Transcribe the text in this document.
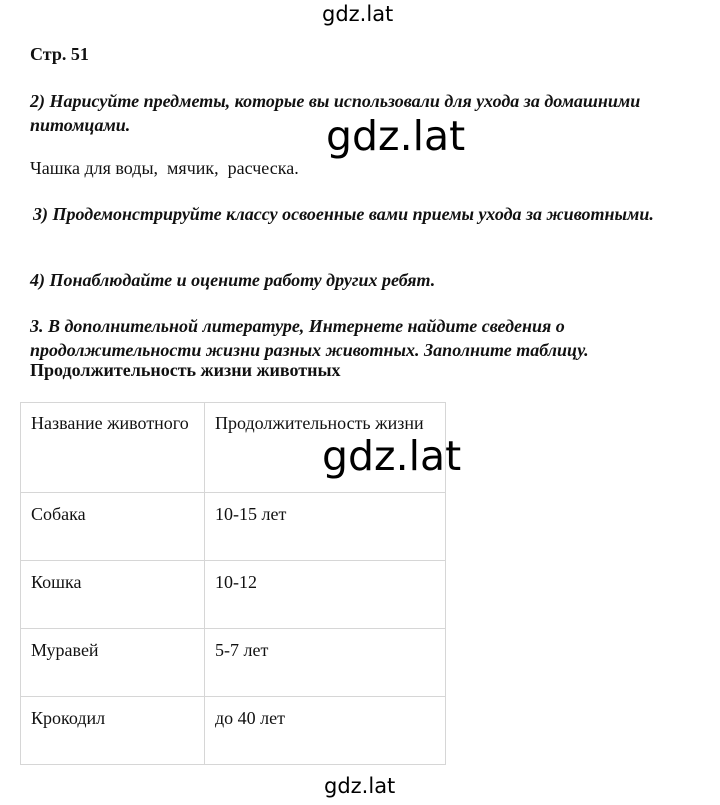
gdz.lat
Стр. 51
2) Нарисуйте предметы, которые вы использовали для ухода за домашними питомцами.
Чашка для воды,  мячик,  расческа.
gdz.lat
3) Продемонстрируйте классу освоенные вами приемы ухода за животными.
4) Понаблюдайте и оцените работу других ребят.
3. В дополнительной литературе, Интернете найдите сведения о продолжительности жизни разных животных. Заполните таблицу.
Продолжительность жизни животных
Название животного	Продолжительность жизни
Собака	10-15 лет
Кошка	10-12
Муравей	5-7 лет
Крокодил	до 40 лет
gdz.lat
gdz.lat
